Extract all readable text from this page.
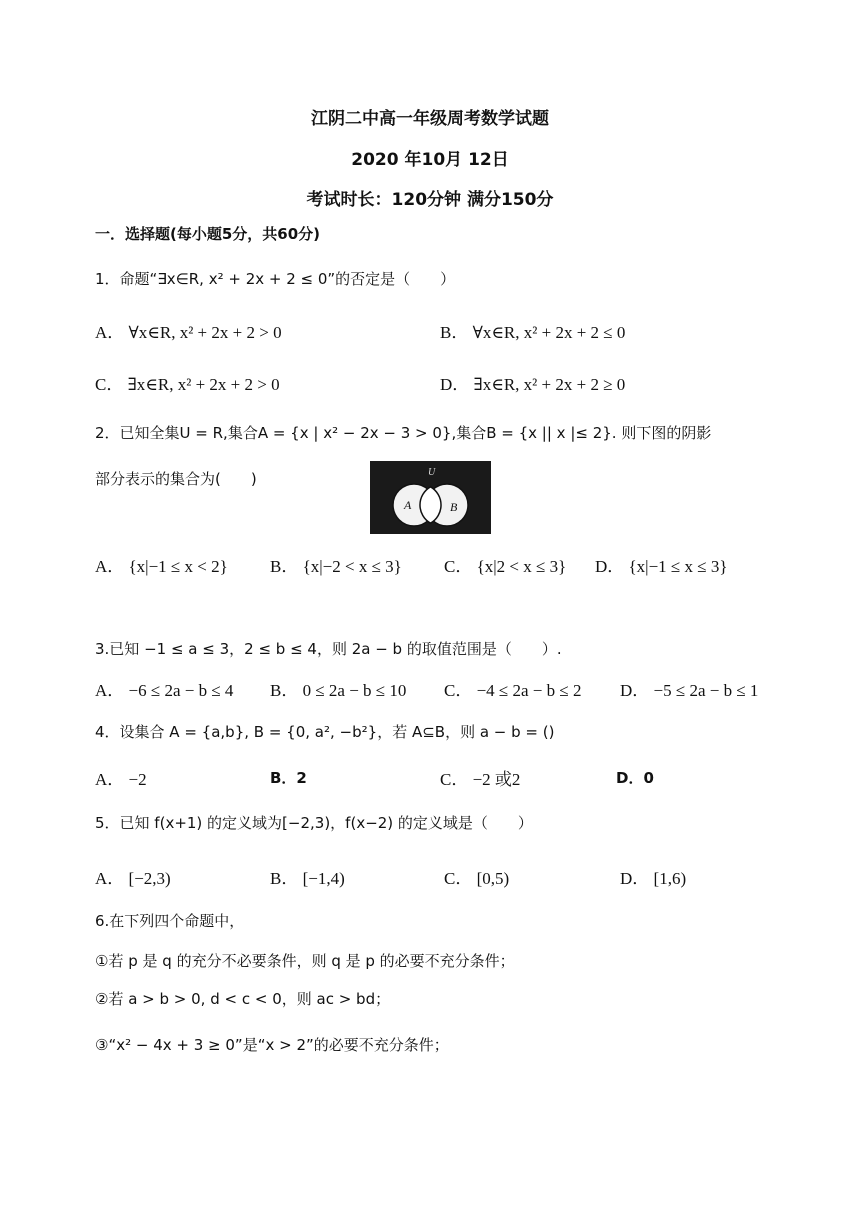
江阴二中高一年级周考数学试题
2020 年10月 12日
考试时长：120分钟 满分150分
一．选择题(每小题5分，共60分)
1．命题“∃x∈R, x² + 2x + 2 ≤ 0”的否定是（　　）
A． ∀x∈R, x² + 2x + 2 > 0	B． ∀x∈R, x² + 2x + 2 ≤ 0
C． ∃x∈R, x² + 2x + 2 > 0	D． ∃x∈R, x² + 2x + 2 ≥ 0
2．已知全集U = R,集合A = {x | x² − 2x − 3 > 0},集合B = {x || x |≤ 2}. 则下图的阴影
部分表示的集合为(　　)	U
A	B
A． {x|−1 ≤ x < 2} B． {x|−2 < x ≤ 3} C． {x|2 < x ≤ 3} D． {x|−1 ≤ x ≤ 3}
3.已知 −1 ≤ a ≤ 3，2 ≤ b ≤ 4，则 2a − b 的取值范围是（　　）.
A． −6 ≤ 2a − b ≤ 4 B． 0 ≤ 2a − b ≤ 10 C． −4 ≤ 2a − b ≤ 2 D． −5 ≤ 2a − b ≤ 1
4．设集合 A = {a,b}, B = {0, a², −b²}，若 A⊆B，则 a − b = ()
A． −2	B．2	C． −2 或2	D．0
5．已知 f(x+1) 的定义域为[−2,3)，f(x−2) 的定义域是（　　）
A． [−2,3)	B． [−1,4)	C． [0,5)	D． [1,6)
6.在下列四个命题中，
①若 p 是 q 的充分不必要条件，则 q 是 p 的必要不充分条件；
②若 a > b > 0, d < c < 0，则 ac > bd；
③“x² − 4x + 3 ≥ 0”是“x > 2”的必要不充分条件；
